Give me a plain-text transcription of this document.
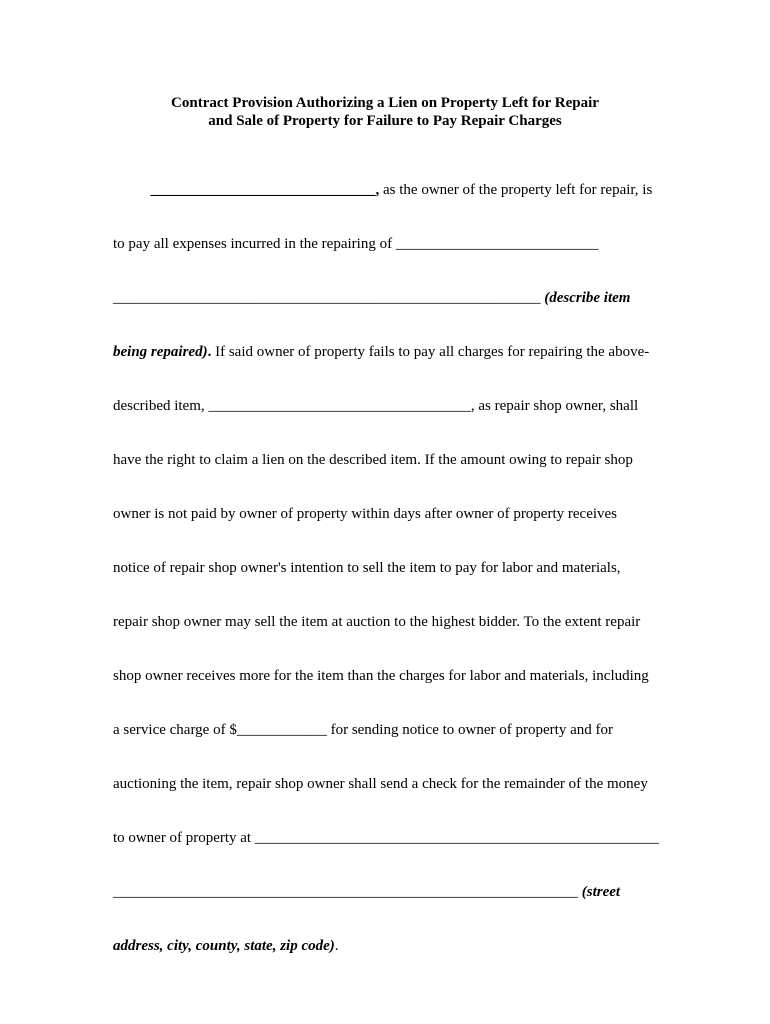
Contract Provision Authorizing a Lien on Property Left for Repair
and Sale of Property for Failure to Pay Repair Charges

______________________________, as the owner of the property left for repair, is

to pay all expenses incurred in the repairing of ___________________________

_________________________________________________________ (describe item

being repaired). If said owner of property fails to pay all charges for repairing the above-

described item, ___________________________________, as repair shop owner, shall

have the right to claim a lien on the described item. If the amount owing to repair shop

owner is not paid by owner of property within days after owner of property receives

notice of repair shop owner's intention to sell the item to pay for labor and materials,

repair shop owner may sell the item at auction to the highest bidder. To the extent repair

shop owner receives more for the item than the charges for labor and materials, including

a service charge of $____________ for sending notice to owner of property and for

auctioning the item, repair shop owner shall send a check for the remainder of the money

to owner of property at ______________________________________________________

______________________________________________________________ (street

address, city, county, state, zip code).
